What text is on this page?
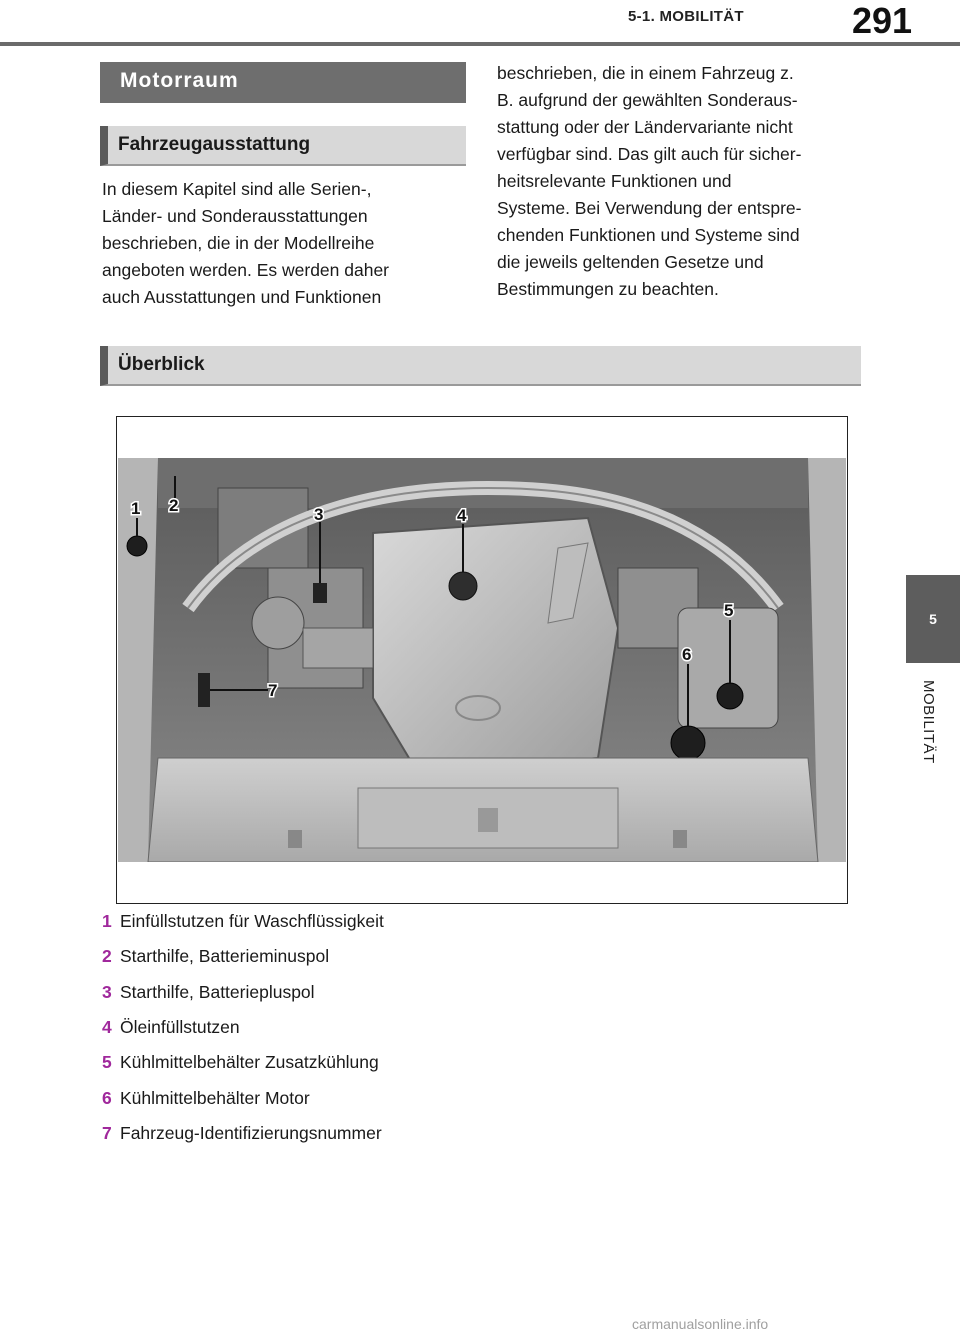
5-1. MOBILITÄT	291
5
MOBILITÄT
Motorraum
Fahrzeugausstattung
In diesem Kapitel sind alle Serien-,
Länder- und Sonderausstattungen
beschrieben, die in der Modellreihe
angeboten werden. Es werden daher
auch Ausstattungen und Funktionen
beschrieben, die in einem Fahrzeug z.
B. aufgrund der gewählten Sonderaus-
stattung oder der Ländervariante nicht
verfügbar sind. Das gilt auch für sicher-
heitsrelevante Funktionen und
Systeme. Bei Verwendung der entspre-
chenden Funktionen und Systeme sind
die jeweils geltenden Gesetze und
Bestimmungen zu beachten.
Überblick
1 2	3	4
5
6
7
1 Einfüllstutzen für Waschflüssigkeit
2 Starthilfe, Batterieminuspol
3 Starthilfe, Batteriepluspol
4 Öleinfüllstutzen
5 Kühlmittelbehälter Zusatzkühlung
6 Kühlmittelbehälter Motor
7 Fahrzeug-Identifizierungsnummer
carmanualsonline.info
